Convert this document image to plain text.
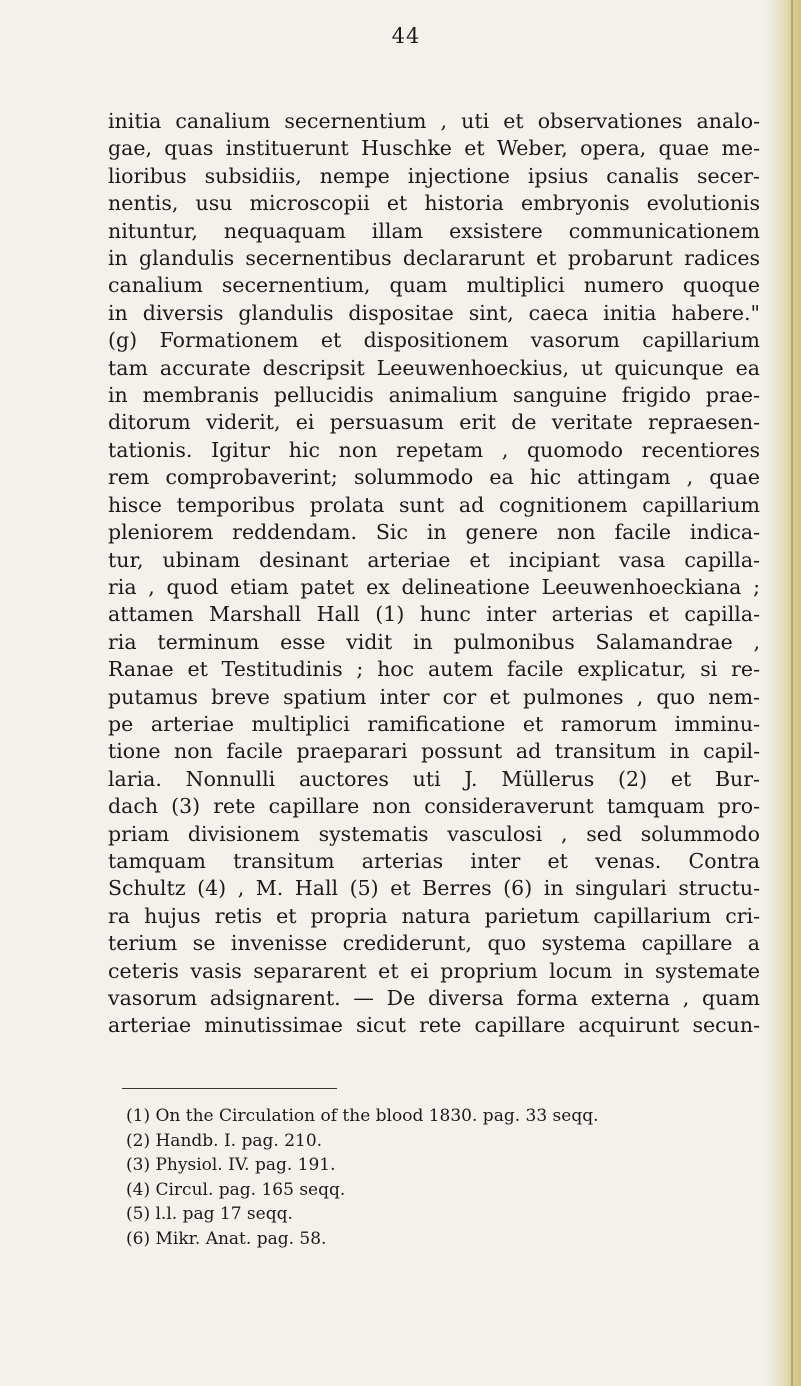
44
initia canalium secernentium , uti et observationes analo-
gae, quas instituerunt Huschke et Weber, opera, quae me-
lioribus subsidiis, nempe injectione ipsius canalis secer-
nentis, usu microscopii et historia embryonis evolutionis
nituntur, nequaquam illam exsistere communicationem
in glandulis secernentibus declararunt et probarunt radices
canalium secernentium, quam multiplici numero quoque
in diversis glandulis dispositae sint, caeca initia habere."
(g) Formationem et dispositionem vasorum capillarium
tam accurate descripsit Leeuwenhoeckius, ut quicunque ea
in membranis pellucidis animalium sanguine frigido prae-
ditorum viderit, ei persuasum erit de veritate repraesen-
tationis. Igitur hic non repetam , quomodo recentiores
rem comprobaverint; solummodo ea hic attingam , quae
hisce temporibus prolata sunt ad cognitionem capillarium
pleniorem reddendam. Sic in genere non facile indica-
tur, ubinam desinant arteriae et incipiant vasa capilla-
ria , quod etiam patet ex delineatione Leeuwenhoeckiana ;
attamen Marshall Hall (1) hunc inter arterias et capilla-
ria terminum esse vidit in pulmonibus Salamandrae ,
Ranae et Testitudinis ; hoc autem facile explicatur, si re-
putamus breve spatium inter cor et pulmones , quo nem-
pe arteriae multiplici ramificatione et ramorum imminu-
tione non facile praeparari possunt ad transitum in capil-
laria. Nonnulli auctores uti J. Müllerus (2) et Bur-
dach (3) rete capillare non consideraverunt tamquam pro-
priam divisionem systematis vasculosi , sed solummodo
tamquam transitum arterias inter et venas. Contra
Schultz (4) , M. Hall (5) et Berres (6) in singulari structu-
ra hujus retis et propria natura parietum capillarium cri-
terium se invenisse crediderunt, quo systema capillare a
ceteris vasis separarent et ei proprium locum in systemate
vasorum adsignarent. — De diversa forma externa , quam
arteriae minutissimae sicut rete capillare acquirunt secun-
(1) On the Circulation of the blood 1830. pag. 33 seqq.
(2) Handb. I. pag. 210.
(3) Physiol. IV. pag. 191.
(4) Circul. pag. 165 seqq.
(5) l.l. pag 17 seqq.
(6) Mikr. Anat. pag. 58.
